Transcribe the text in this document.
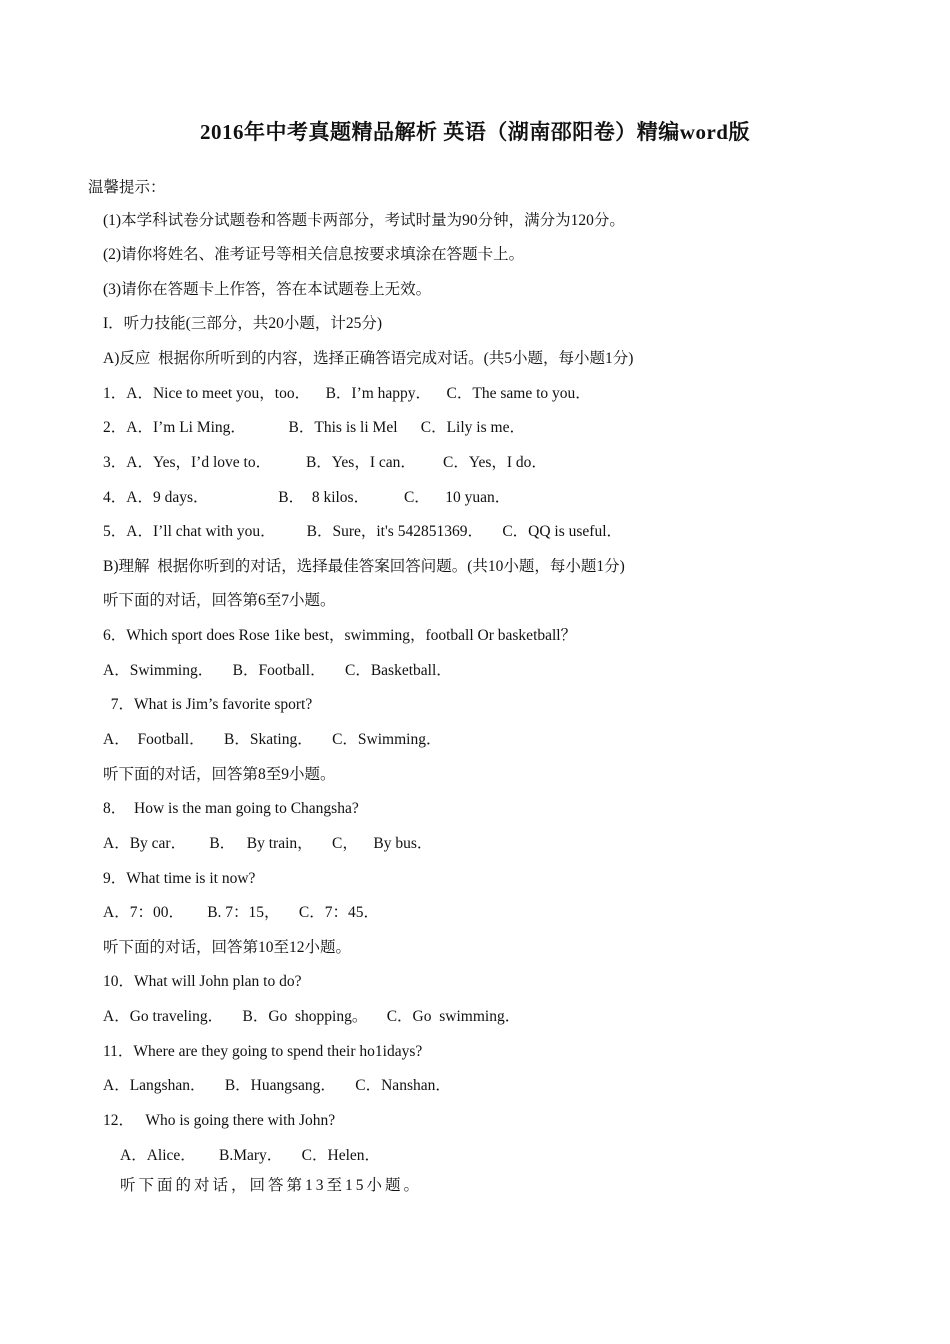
2016年中考真题精品解析 英语（湖南邵阳卷）精编word版
温馨提示：
(1)本学科试卷分试题卷和答题卡两部分，考试时量为90分钟，满分为120分。
(2)请你将姓名、准考证号等相关信息按要求填涂在答题卡上。
(3)请你在答题卡上作答，答在本试题卷上无效。
I．听力技能(三部分，共20小题，计25分)
A)反应  根据你所听到的内容，选择正确答语完成对话。(共5小题，每小题1分)
1．A．Nice to meet you，too．    B．I’m happy．    C．The same to you．
2．A．I’m Li Ming．           B．This is li Mel      C．Lily is me．
3．A．Yes，I’d love to．         B．Yes，I can．       C．Yes，I do．
4．A．9 days．                  B．  8 kilos．         C．    10 yuan．
5．A．I’ll chat with you．        B．Sure，it's 542851369．     C．QQ is useful．
B)理解  根据你听到的对话，选择最佳答案回答问题。(共10小题，每小题1分)
听下面的对话，回答第6至7小题。
6．Which sport does Rose 1ike best，swimming，football Or basketball？
A．Swimming．     B．Football．     C．Basketball．
7．What is Jim’s favorite sport?
A．  Football．     B．Skating．     C．Swimming．
听下面的对话，回答第8至9小题。
8．  How is the man going to Changsha?
A．By car．      B．   By train，     C，    By bus．
9．What time is it now?
A．7：00．      B. 7：15，     C．7：45．
听下面的对话，回答第10至12小题。
10．What will John plan to do?
A．Go traveling．     B．Go  shopping。     C．Go  swimming．
11．Where are they going to spend their ho1idays?
A．Langshan．     B．Huangsang．     C．Nanshan．
12．   Who is going there with John?
A．Alice．      B.Mary．     C．Helen．
听下面的对话，回答第13至15小题。
